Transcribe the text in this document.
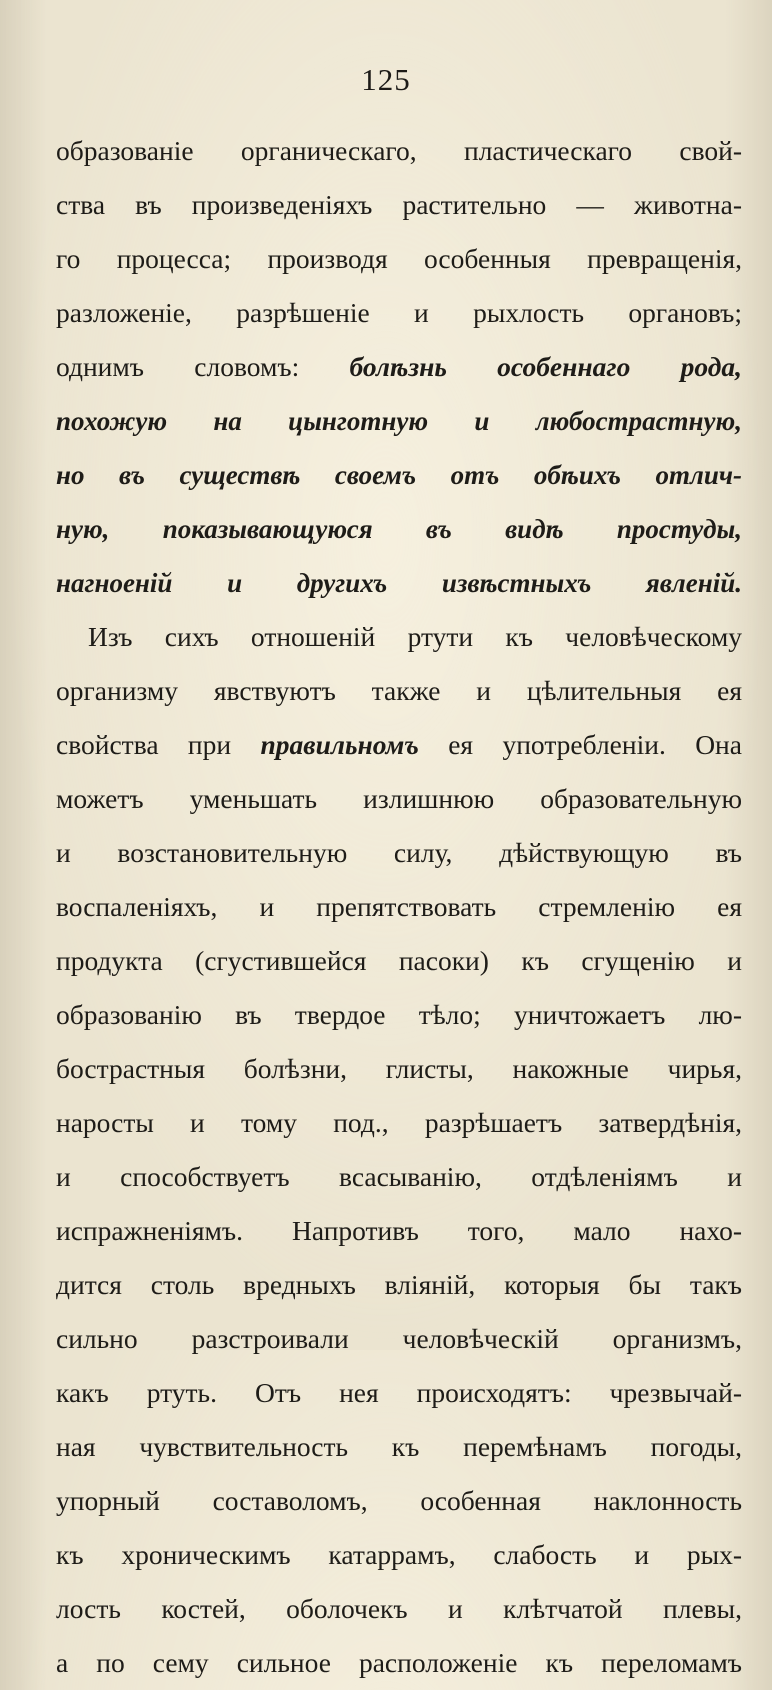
125
образованіе органическаго, пластическаго свой-
ства въ произведеніяхъ растительно — животна-
го процесса; производя особенныя превращенія,
разложеніе, разрѣшеніе и рыхлость органовъ;
однимъ словомъ: болѣзнь особеннаго рода,
похожую на цынготную и любострастную,
но въ существѣ своемъ отъ обѣихъ отлич-
ную, показывающуюся въ видѣ простуды,
нагноеній и другихъ извѣстныхъ явленій.
Изъ сихъ отношеній ртути къ человѣческому
организму явствуютъ также и цѣлительныя ея
свойства при правильномъ ея употребленіи. Она
можетъ уменьшать излишнюю образовательную
и возстановительную силу, дѣйствующую въ
воспаленіяхъ, и препятствовать стремленію ея
продукта (сгустившейся пасоки) къ сгущенію и
образованію въ твердое тѣло; уничтожаетъ лю-
бострастныя болѣзни, глисты, накожные чирья,
наросты и тому под., разрѣшаетъ затвердѣнія,
и способствуетъ всасыванію, отдѣленіямъ и
испражненіямъ. Напротивъ того, мало нахо-
дится столь вредныхъ вліяній, которыя бы такъ
сильно разстроивали человѣческій организмъ,
какъ ртуть. Отъ нея происходятъ: чрезвычай-
ная чувствительность къ перемѣнамъ погоды,
упорный составоломъ, особенная наклонность
къ хроническимъ катаррамъ, слабость и рых-
лость костей, оболочекъ и клѣтчатой плевы,
а по сему сильное расположеніе къ переломамъ
